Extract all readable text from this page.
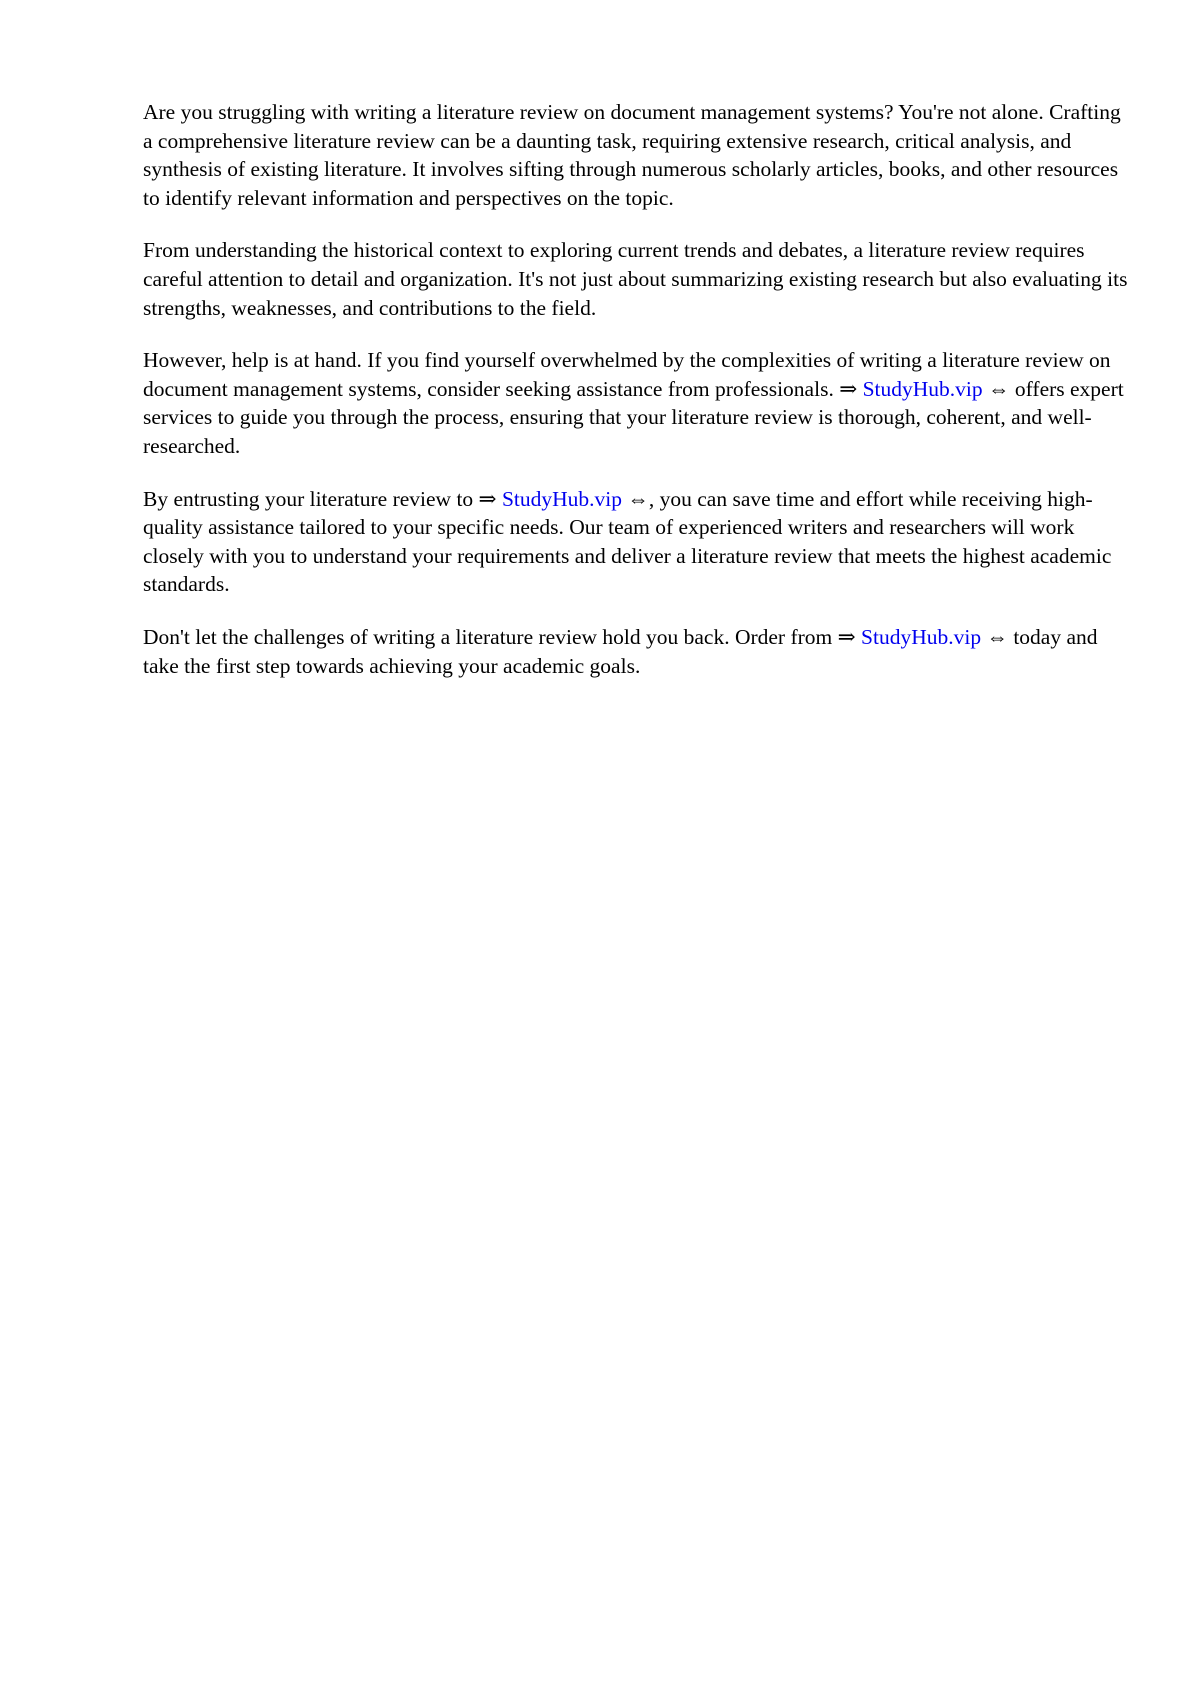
Are you struggling with writing a literature review on document management systems? You're not alone. Crafting a comprehensive literature review can be a daunting task, requiring extensive research, critical analysis, and synthesis of existing literature. It involves sifting through numerous scholarly articles, books, and other resources to identify relevant information and perspectives on the topic.

From understanding the historical context to exploring current trends and debates, a literature review requires careful attention to detail and organization. It's not just about summarizing existing research but also evaluating its strengths, weaknesses, and contributions to the field.

However, help is at hand. If you find yourself overwhelmed by the complexities of writing a literature review on document management systems, consider seeking assistance from professionals. ⇒ StudyHub.vip ⇔ offers expert services to guide you through the process, ensuring that your literature review is thorough, coherent, and well-researched.

By entrusting your literature review to ⇒ StudyHub.vip ⇔, you can save time and effort while receiving high-quality assistance tailored to your specific needs. Our team of experienced writers and researchers will work closely with you to understand your requirements and deliver a literature review that meets the highest academic standards.

Don't let the challenges of writing a literature review hold you back. Order from ⇒ StudyHub.vip ⇔ today and take the first step towards achieving your academic goals.
